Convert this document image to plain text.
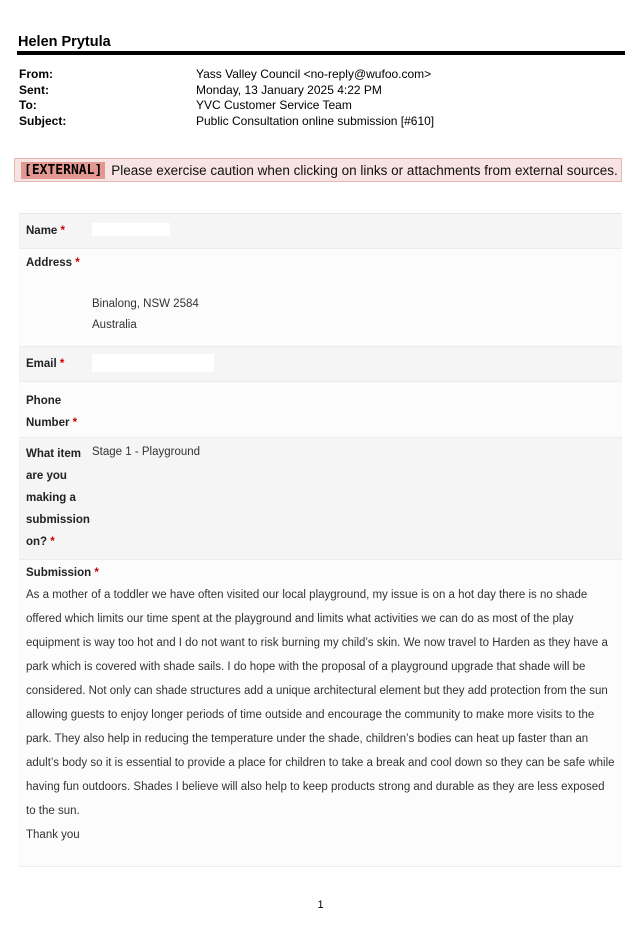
Helen Prytula
From:	Yass Valley Council <no-reply@wufoo.com>
Sent:	Monday, 13 January 2025 4:22 PM
To:	YVC Customer Service Team
Subject:	Public Consultation online submission [#610]
[EXTERNAL] Please exercise caution when clicking on links or attachments from external sources.
Name *
Address *
Binalong, NSW 2584
Australia
Email *
Phone
Number *
What item
are you
making a
submission
on? *
Stage 1 - Playground
Submission *
As a mother of a toddler we have often visited our local playground, my issue is on a hot day there is no shade offered which limits our time spent at the playground and limits what activities we can do as most of the play equipment is way too hot and I do not want to risk burning my child’s skin. We now travel to Harden as they have a park which is covered with shade sails. I do hope with the proposal of a playground upgrade that shade will be considered. Not only can shade structures add a unique architectural element but they add protection from the sun allowing guests to enjoy longer periods of time outside and encourage the community to make more visits to the park. They also help in reducing the temperature under the shade, children’s bodies can heat up faster than an adult’s body so it is essential to provide a place for children to take a break and cool down so they can be safe while having fun outdoors. Shades I believe will also help to keep products strong and durable as they are less exposed to the sun.
Thank you
1
